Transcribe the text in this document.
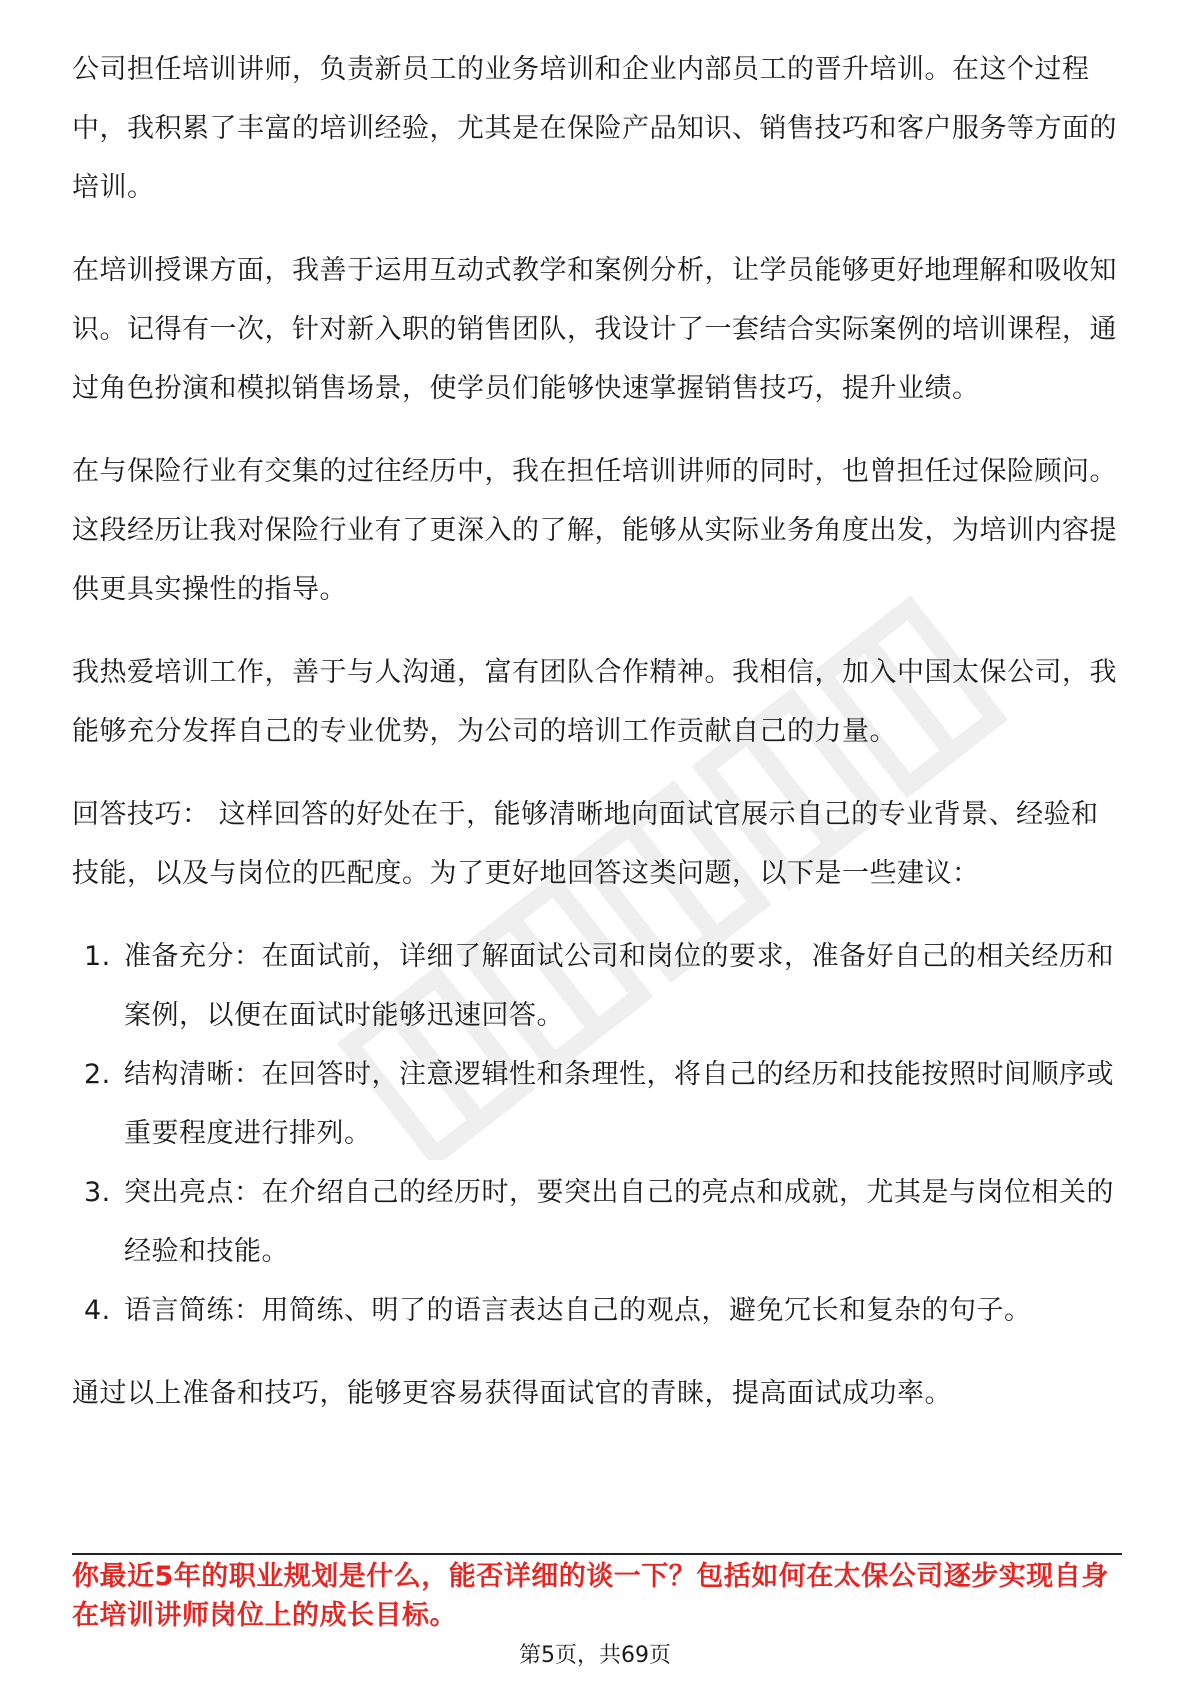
公司担任培训讲师，负责新员工的业务培训和企业内部员工的晋升培训。在这个过程中，我积累了丰富的培训经验，尤其是在保险产品知识、销售技巧和客户服务等方面的培训。

在培训授课方面，我善于运用互动式教学和案例分析，让学员能够更好地理解和吸收知识。记得有一次，针对新入职的销售团队，我设计了一套结合实际案例的培训课程，通过角色扮演和模拟销售场景，使学员们能够快速掌握销售技巧，提升业绩。

在与保险行业有交集的过往经历中，我在担任培训讲师的同时，也曾担任过保险顾问。这段经历让我对保险行业有了更深入的了解，能够从实际业务角度出发，为培训内容提供更具实操性的指导。

我热爱培训工作，善于与人沟通，富有团队合作精神。我相信，加入中国太保公司，我能够充分发挥自己的专业优势，为公司的培训工作贡献自己的力量。

回答技巧： 这样回答的好处在于，能够清晰地向面试官展示自己的专业背景、经验和技能，以及与岗位的匹配度。为了更好地回答这类问题，以下是一些建议：

1. 准备充分：在面试前，详细了解面试公司和岗位的要求，准备好自己的相关经历和案例，以便在面试时能够迅速回答。
2. 结构清晰：在回答时，注意逻辑性和条理性，将自己的经历和技能按照时间顺序或重要程度进行排列。
3. 突出亮点：在介绍自己的经历时，要突出自己的亮点和成就，尤其是与岗位相关的经验和技能。
4. 语言简练：用简练、明了的语言表达自己的观点，避免冗长和复杂的句子。

通过以上准备和技巧，能够更容易获得面试官的青睐，提高面试成功率。

你最近5年的职业规划是什么，能否详细的谈一下？包括如何在太保公司逐步实现自身在培训讲师岗位上的成长目标。
第5页，共69页
